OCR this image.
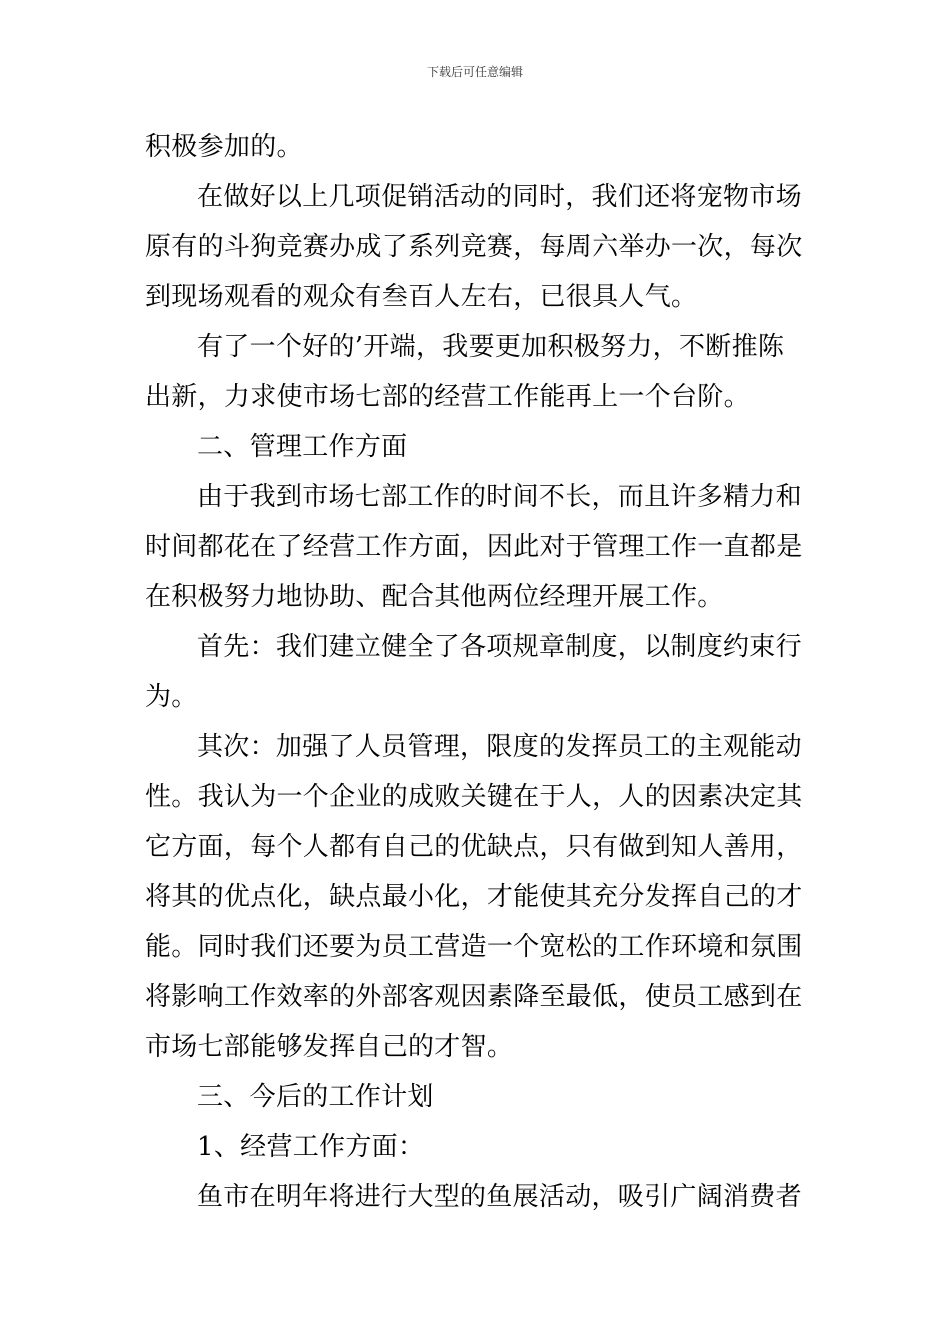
下载后可任意编辑
积极参加的。
在做好以上几项促销活动的同时，我们还将宠物市场
原有的斗狗竞赛办成了系列竞赛，每周六举办一次，每次
到现场观看的观众有叁百人左右，已很具人气。
有了一个好的’开端，我要更加积极努力，不断推陈
出新，力求使市场七部的经营工作能再上一个台阶。
二、管理工作方面
由于我到市场七部工作的时间不长，而且许多精力和
时间都花在了经营工作方面，因此对于管理工作一直都是
在积极努力地协助、配合其他两位经理开展工作。
首先：我们建立健全了各项规章制度，以制度约束行
为。
其次：加强了人员管理，限度的发挥员工的主观能动
性。我认为一个企业的成败关键在于人，人的因素决定其
它方面，每个人都有自己的优缺点，只有做到知人善用，
将其的优点化，缺点最小化，才能使其充分发挥自己的才
能。同时我们还要为员工营造一个宽松的工作环境和氛围
将影响工作效率的外部客观因素降至最低，使员工感到在
市场七部能够发挥自己的才智。
三、今后的工作计划
1、经营工作方面：
鱼市在明年将进行大型的鱼展活动，吸引广阔消费者
